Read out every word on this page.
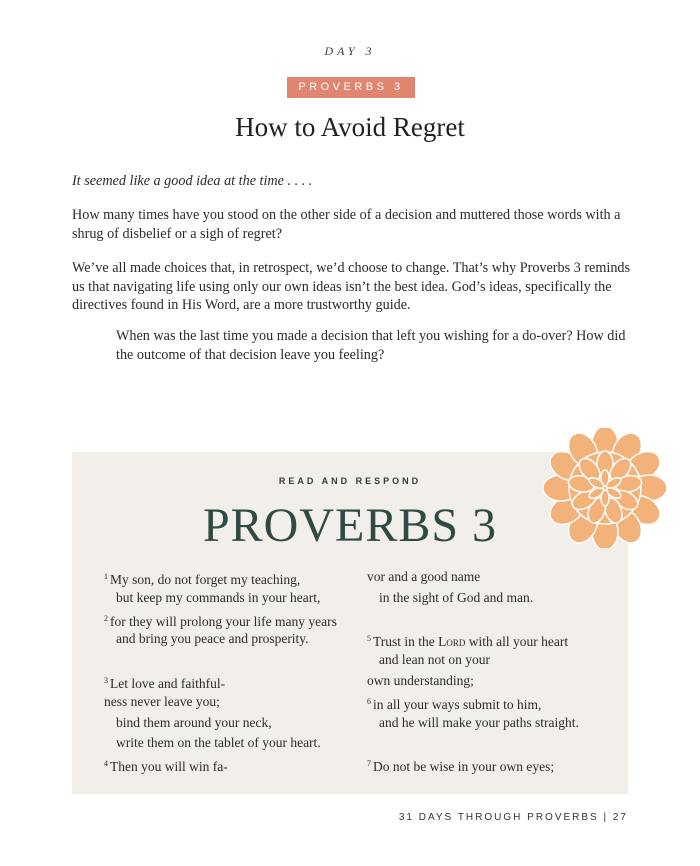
DAY 3
PROVERBS 3
How to Avoid Regret

It seemed like a good idea at the time . . . .

How many times have you stood on the other side of a decision and muttered those words with a shrug of disbelief or a sigh of regret?

We’ve all made choices that, in retrospect, we’d choose to change. That’s why Proverbs 3 reminds us that navigating life using only our own ideas isn’t the best idea. God’s ideas, specifically the directives found in His Word, are a more trustworthy guide.

When was the last time you made a decision that left you wishing for a do-over? How did the outcome of that decision leave you feeling?

READ AND RESPOND
PROVERBS 3
$^1$ My son, do not forget my teaching,
but keep my commands in your heart,
$^2$ for they will prolong your life many years
and bring you peace and prosperity.
$^3$ Let love and faithful-
ness never leave you;
bind them around your neck,
write them on the tablet of your heart.
$^4$ Then you will win fa-
vor and a good name
in the sight of God and man.
$^5$ Trust in the Lord with all your heart
and lean not on your
own understanding;
$^6$ in all your ways submit to him,
and he will make your paths straight.
$^7$ Do not be wise in your own eyes;
31 DAYS THROUGH PROVERBS | 27
